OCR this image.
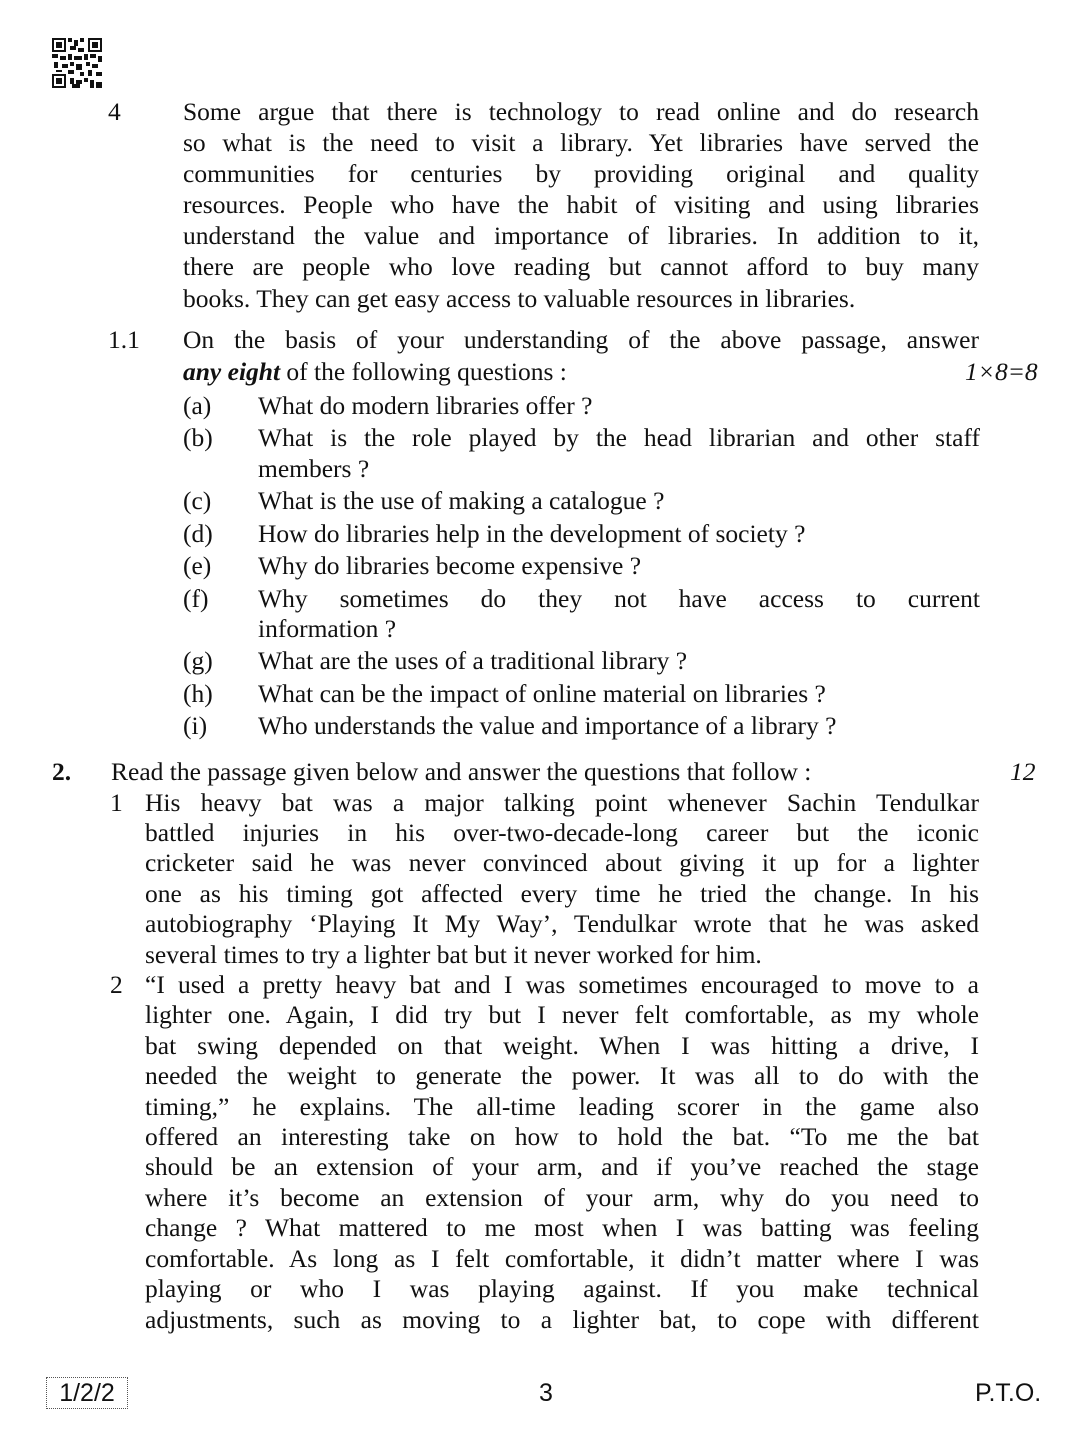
4 Some argue that there is technology to read online and do research
so what is the need to visit a library. Yet libraries have served the
communities for centuries by providing original and quality
resources. People who have the habit of visiting and using libraries
understand the value and importance of libraries. In addition to it,
there are people who love reading but cannot afford to buy many
books. They can get easy access to valuable resources in libraries.
1.1 On the basis of your understanding of the above passage, answer
any eight of the following questions :	1×8=8
(a) What do modern libraries offer ?
(b) What is the role played by the head librarian and other staff
members ?
(c) What is the use of making a catalogue ?
(d) How do libraries help in the development of society ?
(e) Why do libraries become expensive ?
(f) Why sometimes do they not have access to current
information ?
(g) What are the uses of a traditional library ?
(h) What can be the impact of online material on libraries ?
(i) Who understands the value and importance of a library ?
2. Read the passage given below and answer the questions that follow :	12
1 His heavy bat was a major talking point whenever Sachin Tendulkar
battled injuries in his over-two-decade-long career but the iconic
cricketer said he was never convinced about giving it up for a lighter
one as his timing got affected every time he tried the change. In his
autobiography ‘Playing It My Way’, Tendulkar wrote that he was asked
several times to try a lighter bat but it never worked for him.
2 “I used a pretty heavy bat and I was sometimes encouraged to move to a
lighter one. Again, I did try but I never felt comfortable, as my whole
bat swing depended on that weight. When I was hitting a drive, I
needed the weight to generate the power. It was all to do with the
timing,” he explains. The all-time leading scorer in the game also
offered an interesting take on how to hold the bat. “To me the bat
should be an extension of your arm, and if you’ve reached the stage
where it’s become an extension of your arm, why do you need to
change ? What mattered to me most when I was batting was feeling
comfortable. As long as I felt comfortable, it didn’t matter where I was
playing or who I was playing against. If you make technical
adjustments, such as moving to a lighter bat, to cope with different
1/2/2	3	P.T.O.
